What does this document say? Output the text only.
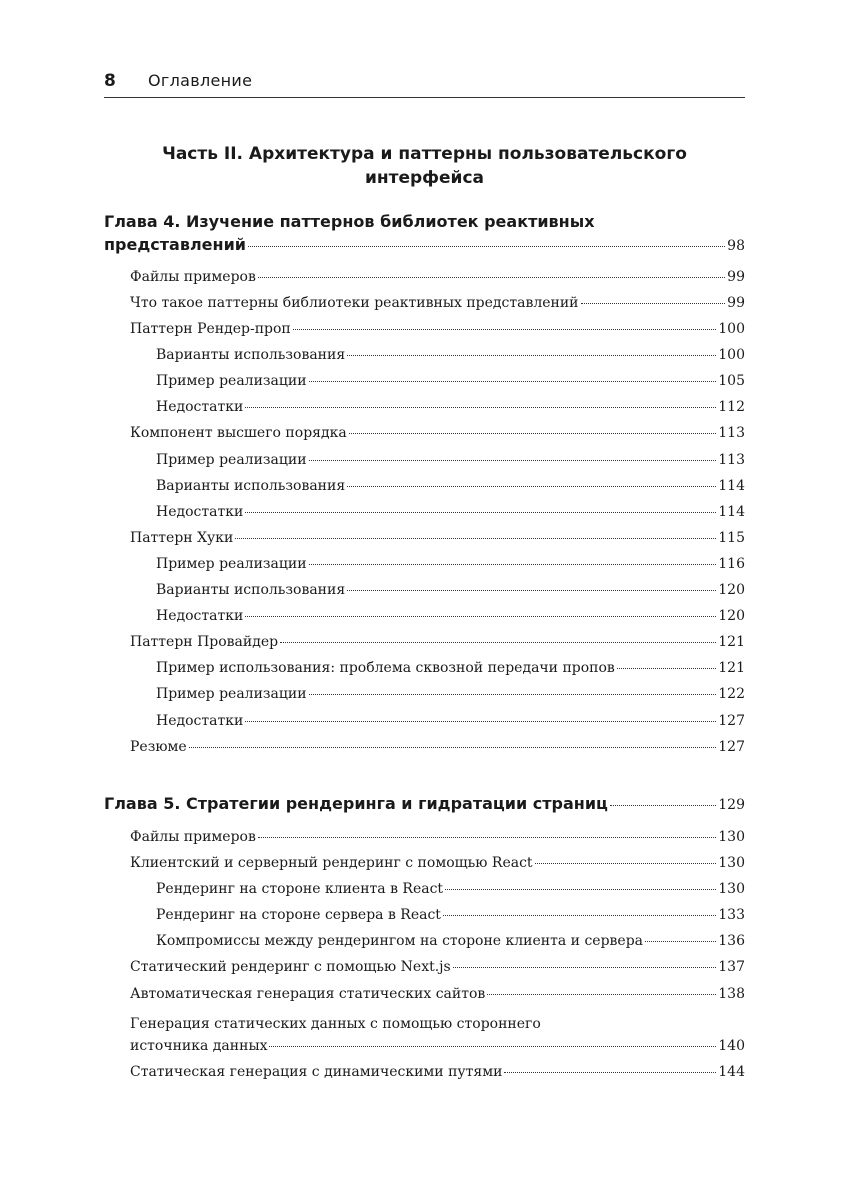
8 Оглавление
Часть II. Архитектура и паттерны пользовательского
интерфейса
Глава 4. Изучение паттернов библиотек реактивных
представлений	98
Файлы примеров	99
Что такое паттерны библиотеки реактивных представлений	99
Паттерн Рендер-проп	100
Варианты использования	100
Пример реализации	105
Недостатки	112
Компонент высшего порядка	113
Пример реализации	113
Варианты использования	114
Недостатки	114
Паттерн Хуки	115
Пример реализации	116
Варианты использования	120
Недостатки	120
Паттерн Провайдер	121
Пример использования: проблема сквозной передачи пропов	121
Пример реализации	122
Недостатки	127
Резюме	127
Глава 5. Стратегии рендеринга и гидратации страниц	129
Файлы примеров	130
Клиентский и серверный рендеринг с помощью React	130
Рендеринг на стороне клиента в React	130
Рендеринг на стороне сервера в React	133
Компромиссы между рендерингом на стороне клиента и сервера	136
Статический рендеринг с помощью Next.js	137
Автоматическая генерация статических сайтов	138
Генерация статических данных с помощью стороннего
источника данных	140
Статическая генерация с динамическими путями	144
